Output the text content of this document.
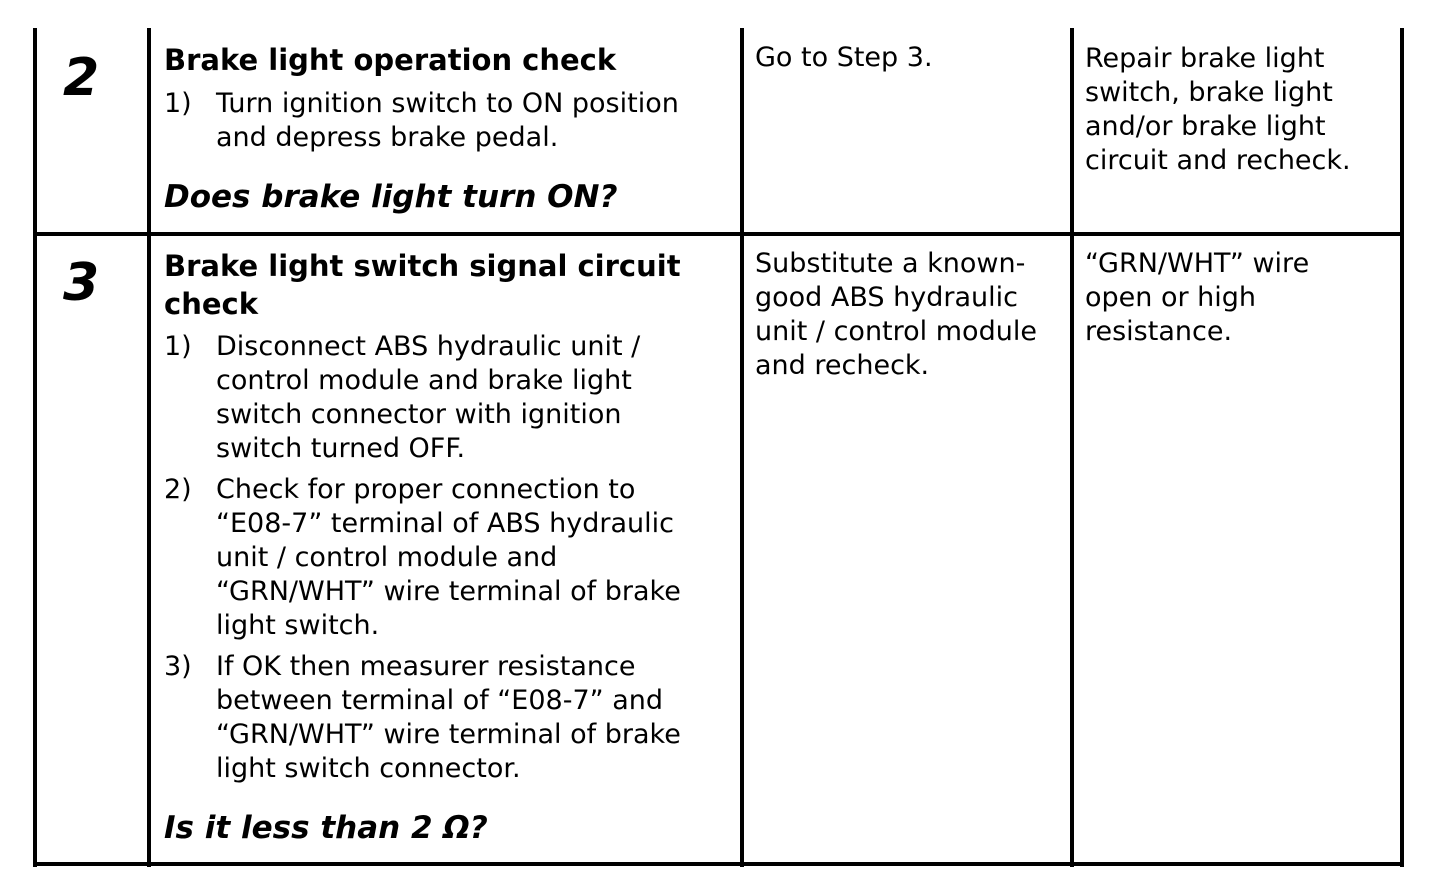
2 Brake light operation check
1) Turn ignition switch to ON position
and depress brake pedal.
Does brake light turn ON?
Go to Step 3.	Repair brake light
switch, brake light
and/or brake light
circuit and recheck.
3 Brake light switch signal circuit
check
1) Disconnect ABS hydraulic unit /
control module and brake light
switch connector with ignition
switch turned OFF.
2) Check for proper connection to
“E08-7” terminal of ABS hydraulic
unit / control module and
“GRN/WHT” wire terminal of brake
light switch.
3) If OK then measurer resistance
between terminal of “E08-7” and
“GRN/WHT” wire terminal of brake
light switch connector.
Is it less than 2 Ω?
Substitute a known-
good ABS hydraulic
unit / control module
and recheck.
“GRN/WHT” wire
open or high
resistance.
